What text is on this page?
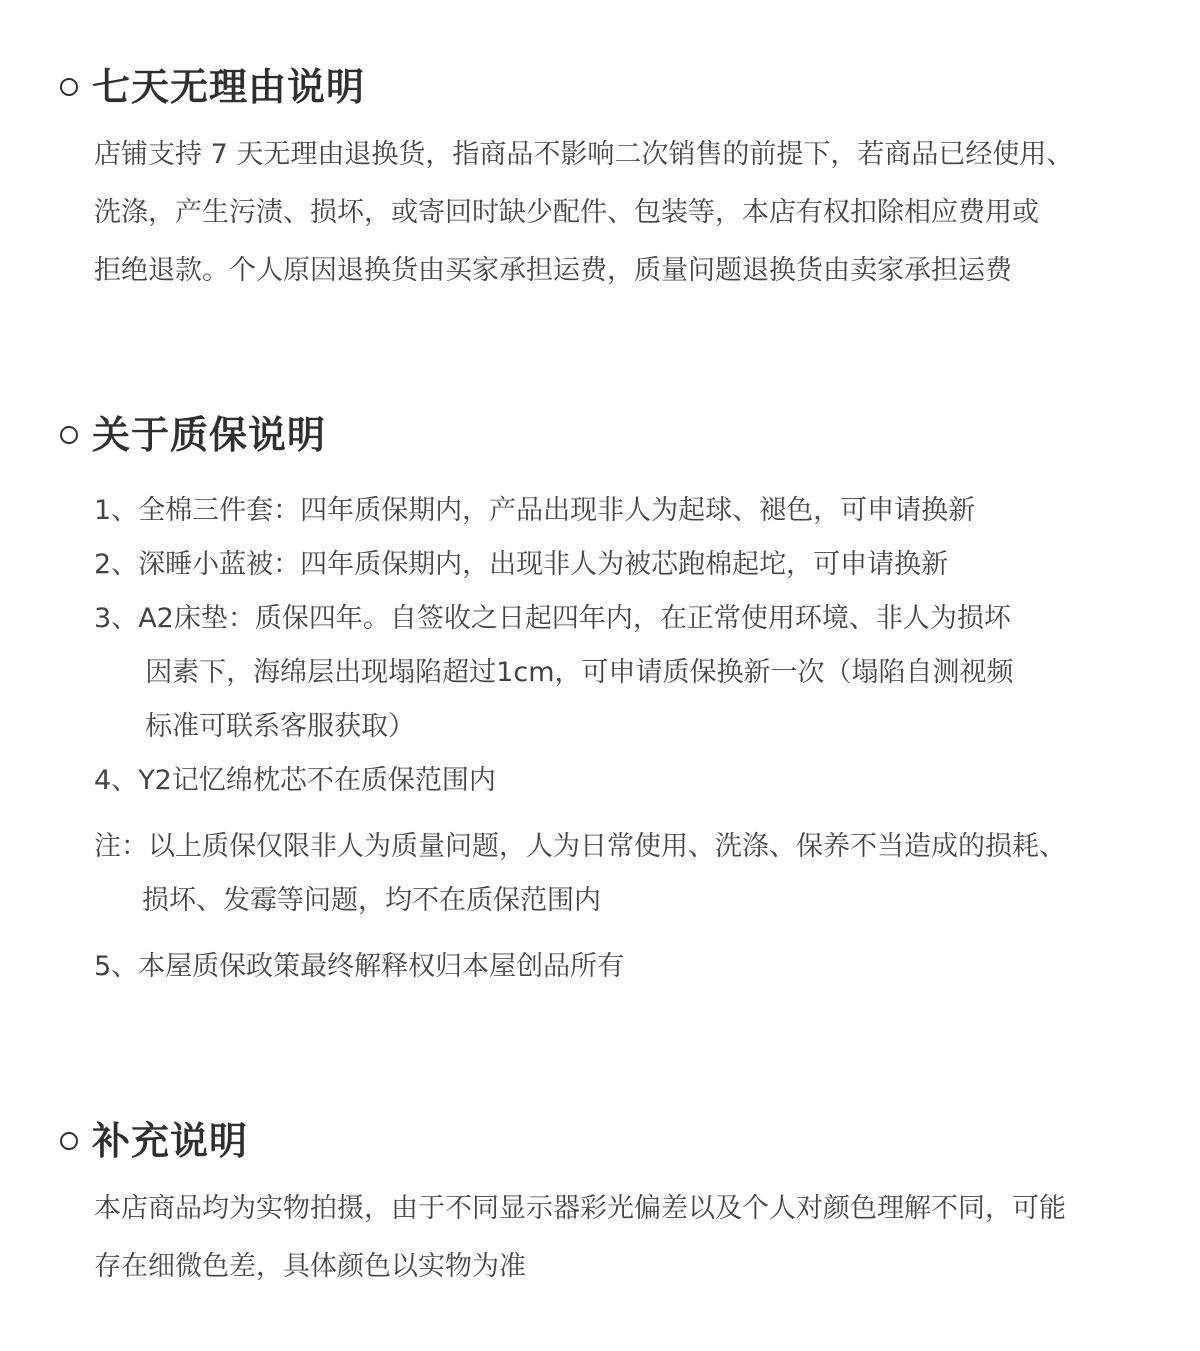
七天无理由说明
店铺支持 7 天无理由退换货，指商品不影响二次销售的前提下，若商品已经使用、
洗涤，产生污渍、损坏，或寄回时缺少配件、包装等，本店有权扣除相应费用或
拒绝退款。个人原因退换货由买家承担运费，质量问题退换货由卖家承担运费
关于质保说明
1、 全棉三件套：四年质保期内，产品出现非人为起球、褪色，可申请换新
2、 深睡小蓝被：四年质保期内，出现非人为被芯跑棉起坨，可申请换新
3、 A2床垫：质保四年。自签收之日起四年内，在正常使用环境、非人为损坏
因素下，海绵层出现塌陷超过1cm，可申请质保换新一次（塌陷自测视频
标准可联系客服获取）
4、 Y2记忆绵枕芯不在质保范围内
注： 以上质保仅限非人为质量问题，人为日常使用、洗涤、保养不当造成的损耗、
损坏、发霉等问题，均不在质保范围内
5、 本屋质保政策最终解释权归本屋创品所有
补充说明
本店商品均为实物拍摄，由于不同显示器彩光偏差以及个人对颜色理解不同，可能
存在细微色差，具体颜色以实物为准
